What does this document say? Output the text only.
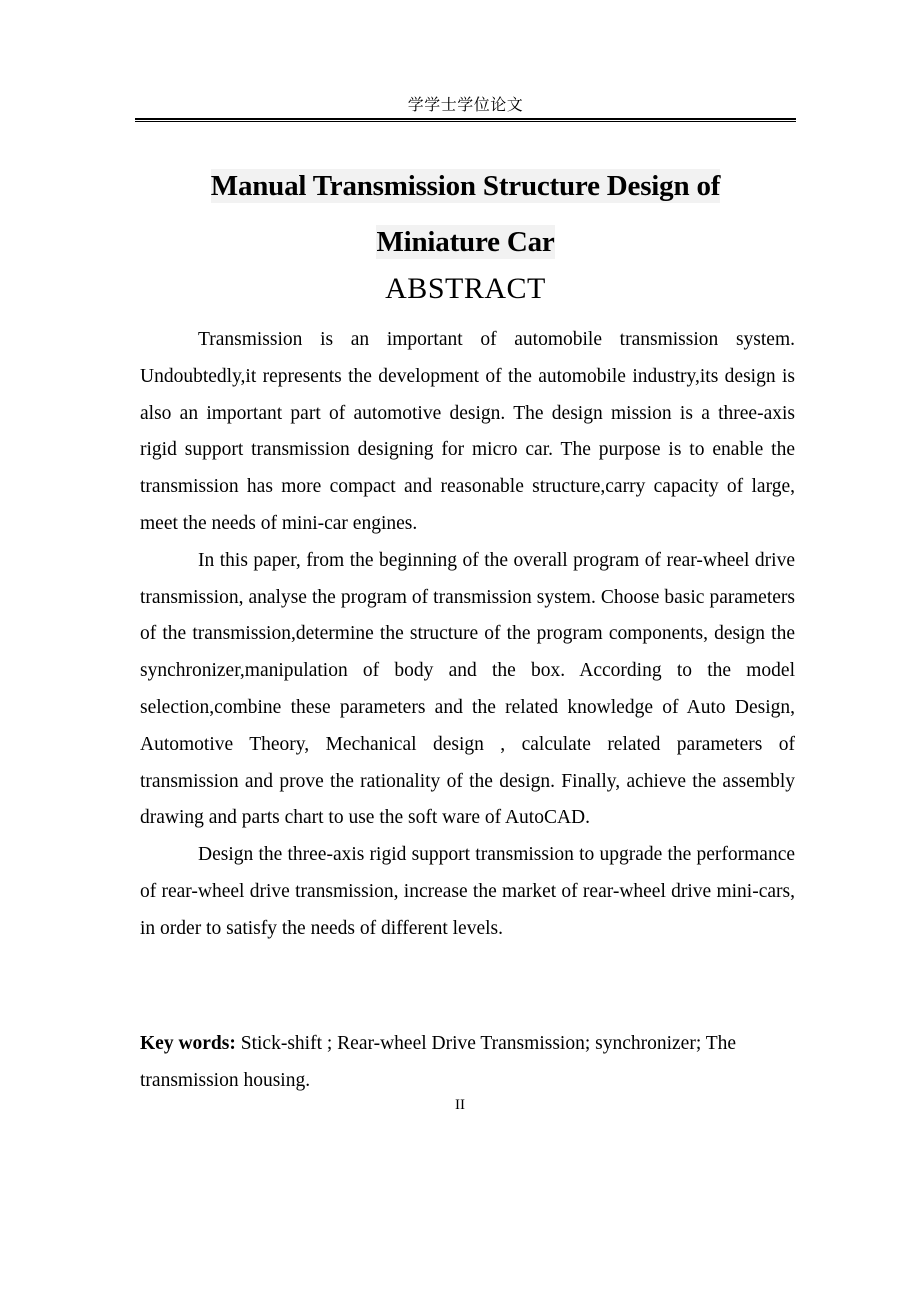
学学士学位论文
Manual Transmission Structure Design of
Miniature Car
ABSTRACT

Transmission is an important of automobile transmission system. Undoubtedly,it represents the development of the automobile industry,its design is also an important part of automotive design. The design mission is a three-axis rigid support transmission designing for micro car. The purpose is to enable the transmission has more compact and reasonable structure,carry capacity of large, meet the needs of mini-car engines.

In this paper, from the beginning of the overall program of rear-wheel drive transmission, analyse the program of transmission system. Choose basic parameters of the transmission,determine the structure of the program components, design the synchronizer,manipulation of body and the box. According to the model selection,combine these parameters and the related knowledge of Auto Design, Automotive Theory, Mechanical design , calculate related parameters of transmission and prove the rationality of the design. Finally, achieve the assembly drawing and parts chart to use the soft ware of AutoCAD.

Design the three-axis rigid support transmission to upgrade the performance of rear-wheel drive transmission, increase the market of rear-wheel drive mini-cars, in order to satisfy the needs of different levels.

Key words: Stick-shift ; Rear-wheel Drive Transmission; synchronizer; The transmission housing.
II
